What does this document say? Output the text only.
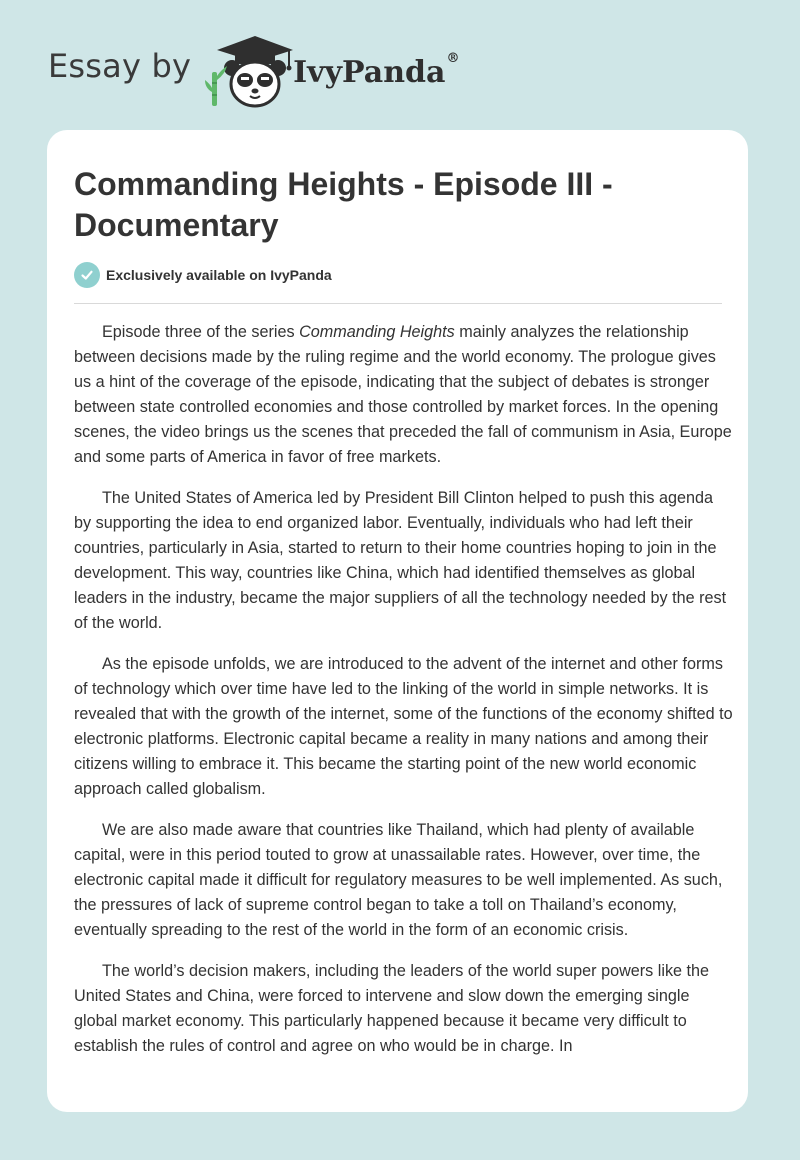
Essay by	IvyPanda®
Commanding Heights - Episode III - Documentary
Exclusively available on IvyPanda

Episode three of the series Commanding Heights mainly analyzes the relationship between decisions made by the ruling regime and the world economy. The prologue gives us a hint of the coverage of the episode, indicating that the subject of debates is stronger between state controlled economies and those controlled by market forces. In the opening scenes, the video brings us the scenes that preceded the fall of communism in Asia, Europe and some parts of America in favor of free markets.

The United States of America led by President Bill Clinton helped to push this agenda by supporting the idea to end organized labor. Eventually, individuals who had left their countries, particularly in Asia, started to return to their home countries hoping to join in the development. This way, countries like China, which had identified themselves as global leaders in the industry, became the major suppliers of all the technology needed by the rest of the world.

As the episode unfolds, we are introduced to the advent of the internet and other forms of technology which over time have led to the linking of the world in simple networks. It is revealed that with the growth of the internet, some of the functions of the economy shifted to electronic platforms. Electronic capital became a reality in many nations and among their citizens willing to embrace it. This became the starting point of the new world economic approach called globalism.

We are also made aware that countries like Thailand, which had plenty of available capital, were in this period touted to grow at unassailable rates. However, over time, the electronic capital made it difficult for regulatory measures to be well implemented. As such, the pressures of lack of supreme control began to take a toll on Thailand’s economy, eventually spreading to the rest of the world in the form of an economic crisis.

The world’s decision makers, including the leaders of the world super powers like the United States and China, were forced to intervene and slow down the emerging single global market economy. This particularly happened because it became very difficult to establish the rules of control and agree on who would be in charge. In
